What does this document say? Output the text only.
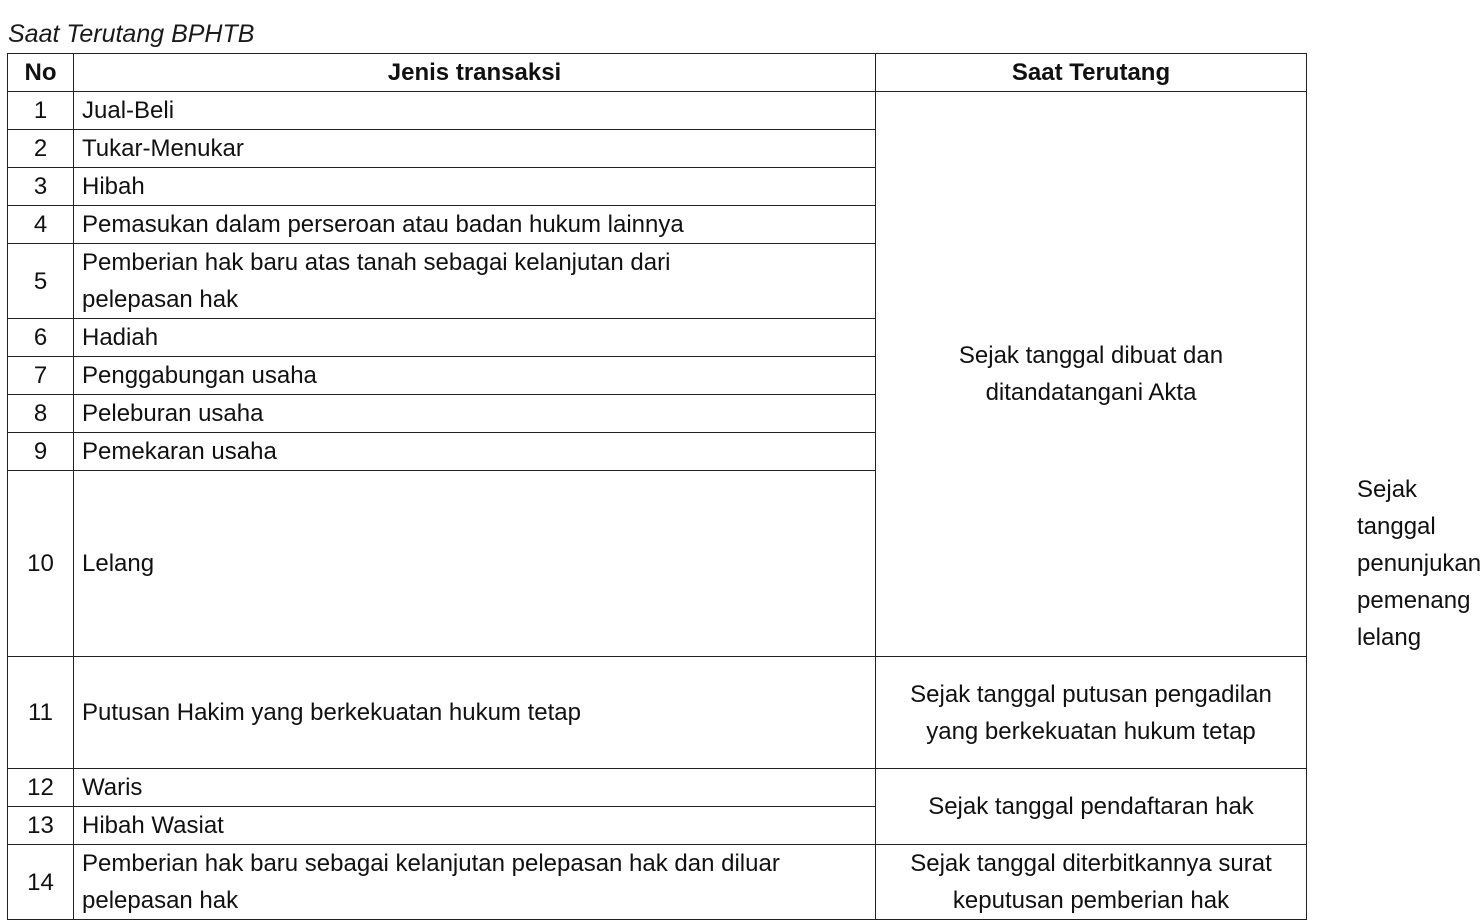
Saat Terutang BPHTB
No	Jenis transaksi	Saat Terutang	
1	Jual-Beli	Sejak tanggal dibuat dan ditandatangani Akta	
2	Tukar-Menukar		
3	Hibah		
4	Pemasukan dalam perseroan atau badan hukum lainnya		
5	Pemberian hak baru atas tanah sebagai kelanjutan dari pelepasan hak		
6	Hadiah		
7	Penggabungan usaha		
8	Peleburan usaha		
9	Pemekaran usaha		
10	Lelang		Sejak tanggal penunjukan pemenang lelang
11	Putusan Hakim yang berkekuatan hukum tetap	Sejak tanggal putusan pengadilan yang berkekuatan hukum tetap	
12	Waris	Sejak tanggal pendaftaran hak	
13	Hibah Wasiat		
14	Pemberian hak baru sebagai kelanjutan pelepasan hak dan diluar pelepasan hak	Sejak tanggal diterbitkannya surat keputusan pemberian hak	
